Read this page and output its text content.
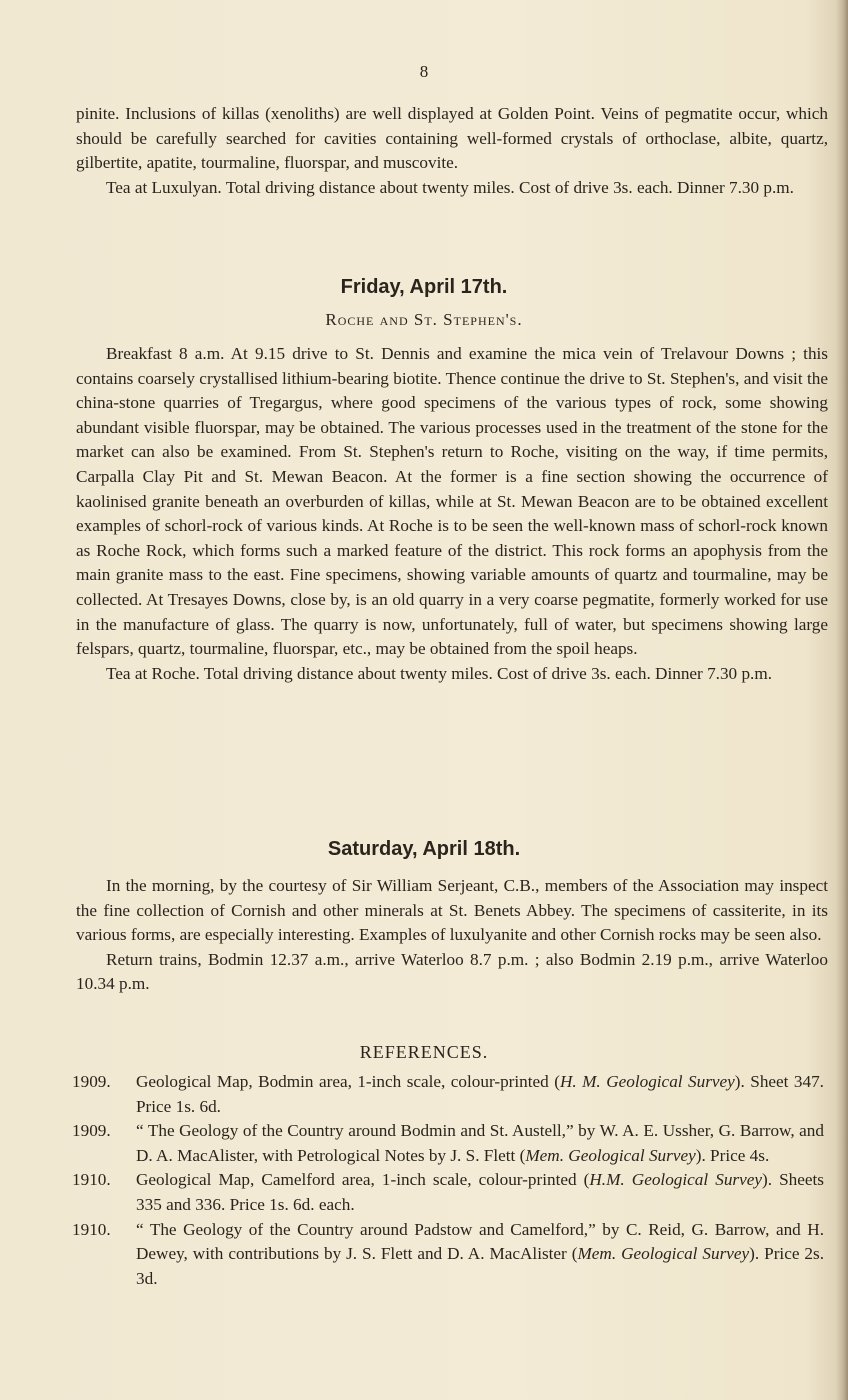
8

pinite. Inclusions of killas (xenoliths) are well displayed at Golden Point. Veins of pegmatite occur, which should be carefully searched for cavities containing well-formed crystals of orthoclase, albite, quartz, gilbertite, apatite, tourmaline, fluorspar, and muscovite.

Tea at Luxulyan. Total driving distance about twenty miles. Cost of drive 3s. each. Dinner 7.30 p.m.

Friday, April 17th.
Roche and St. Stephen's.

Breakfast 8 a.m. At 9.15 drive to St. Dennis and examine the mica vein of Trelavour Downs ; this contains coarsely crystallised lithium-bearing biotite. Thence continue the drive to St. Stephen's, and visit the china-stone quarries of Tregargus, where good specimens of the various types of rock, some showing abundant visible fluorspar, may be obtained. The various processes used in the treatment of the stone for the market can also be examined. From St. Stephen's return to Roche, visiting on the way, if time permits, Carpalla Clay Pit and St. Mewan Beacon. At the former is a fine section showing the occurrence of kaolinised granite beneath an overburden of killas, while at St. Mewan Beacon are to be obtained excellent examples of schorl-rock of various kinds. At Roche is to be seen the well-known mass of schorl-rock known as Roche Rock, which forms such a marked feature of the district. This rock forms an apophysis from the main granite mass to the east. Fine specimens, showing variable amounts of quartz and tourmaline, may be collected. At Tresayes Downs, close by, is an old quarry in a very coarse pegmatite, formerly worked for use in the manufacture of glass. The quarry is now, unfortunately, full of water, but specimens showing large felspars, quartz, tourmaline, fluorspar, etc., may be obtained from the spoil heaps.

Tea at Roche. Total driving distance about twenty miles. Cost of drive 3s. each. Dinner 7.30 p.m.

Saturday, April 18th.

In the morning, by the courtesy of Sir William Serjeant, C.B., members of the Association may inspect the fine collection of Cornish and other minerals at St. Benets Abbey. The specimens of cassiterite, in its various forms, are especially interesting. Examples of luxulyanite and other Cornish rocks may be seen also.

Return trains, Bodmin 12.37 a.m., arrive Waterloo 8.7 p.m. ; also Bodmin 2.19 p.m., arrive Waterloo 10.34 p.m.

REFERENCES.
1909.	Geological Map, Bodmin area, 1-inch scale, colour-printed (H. M. Geological Survey). Sheet 347. Price 1s. 6d.
1909.	“ The Geology of the Country around Bodmin and St. Austell,” by W. A. E. Ussher, G. Barrow, and D. A. MacAlister, with Petrological Notes by J. S. Flett (Mem. Geological Survey). Price 4s.
1910.	Geological Map, Camelford area, 1-inch scale, colour-printed (H.M. Geological Survey). Sheets 335 and 336. Price 1s. 6d. each.
1910.	“ The Geology of the Country around Padstow and Camelford,” by C. Reid, G. Barrow, and H. Dewey, with contributions by J. S. Flett and D. A. MacAlister (Mem. Geological Survey). Price 2s. 3d.
